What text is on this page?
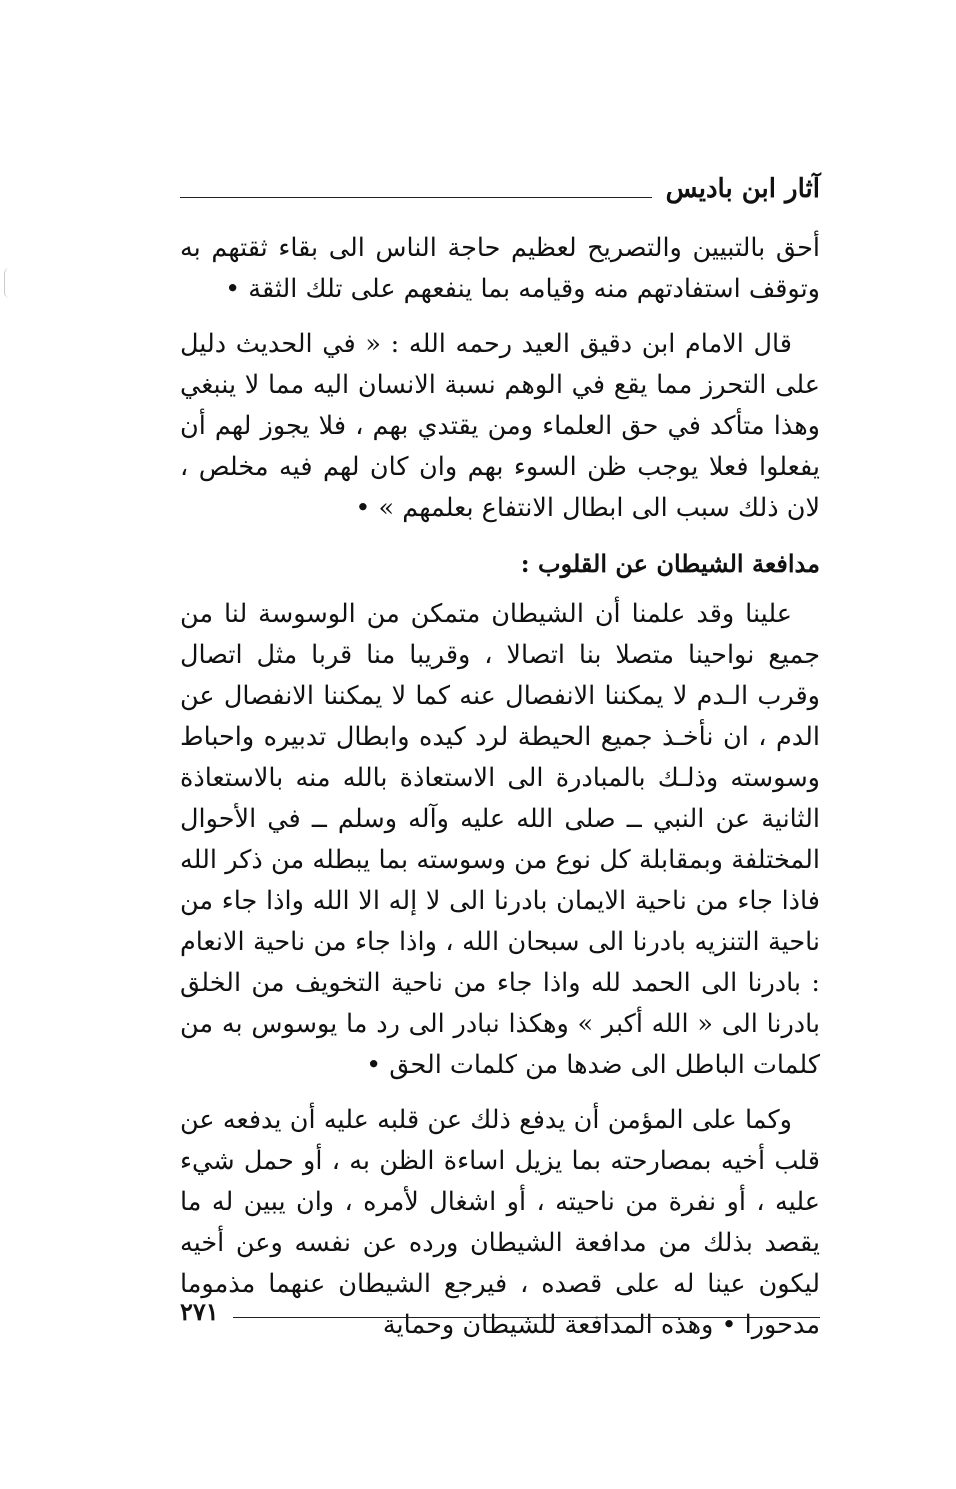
آثار ابن باديس

أحق بالتبيين والتصريح لعظيم حاجة الناس الى بقاء ثقتهم به وتوقف استفادتهم منه وقيامه بما ينفعهم على تلك الثقة •

قال الامام ابن دقيق العيد رحمه الله : « في الحديث دليل على التحرز مما يقع في الوهم نسبة الانسان اليه مما لا ينبغي وهذا متأكد في حق العلماء ومن يقتدي بهم ، فلا يجوز لهم أن يفعلوا فعلا يوجب ظن السوء بهم وان كان لهم فيه مخلص ، لان ذلك سبب الى ابطال الانتفاع بعلمهم » •

مدافعة الشيطان عن القلوب :

علينا وقد علمنا أن الشيطان متمكن من الوسوسة لنا من جميع نواحينا متصلا بنا اتصالا ، وقريبا منا قربا مثل اتصال وقرب الـدم لا يمكننا الانفصال عنه كما لا يمكننا الانفصال عن الدم ، ان نأخـذ جميع الحيطة لرد كيده وابطال تدبيره واحباط وسوسته وذلـك بالمبادرة الى الاستعاذة بالله منه بالاستعاذة الثانية عن النبي ــ صلى الله عليه وآله وسلم ــ في الأحوال المختلفة وبمقابلة كل نوع من وسوسته بما يبطله من ذكر الله فاذا جاء من ناحية الايمان بادرنا الى لا إله الا الله واذا جاء من ناحية التنزيه بادرنا الى سبحان الله ، واذا جاء من ناحية الانعام : بادرنا الى الحمد لله واذا جاء من ناحية التخويف من الخلق بادرنا الى « الله أكبر » وهكذا نبادر الى رد ما يوسوس به من كلمات الباطل الى ضدها من كلمات الحق •

وكما على المؤمن أن يدفع ذلك عن قلبه عليه أن يدفعه عن قلب أخيه بمصارحته بما يزيل اساءة الظن به ، أو حمل شيء عليه ، أو نفرة من ناحيته ، أو اشغال لأمره ، وان يبين له ما يقصد بذلك من مدافعة الشيطان ورده عن نفسه وعن أخيه ليكون عينا له على قصده ، فيرجع الشيطان عنهما مذموما مدحورا • وهذه المدافعة للشيطان وحماية

٢٧١
